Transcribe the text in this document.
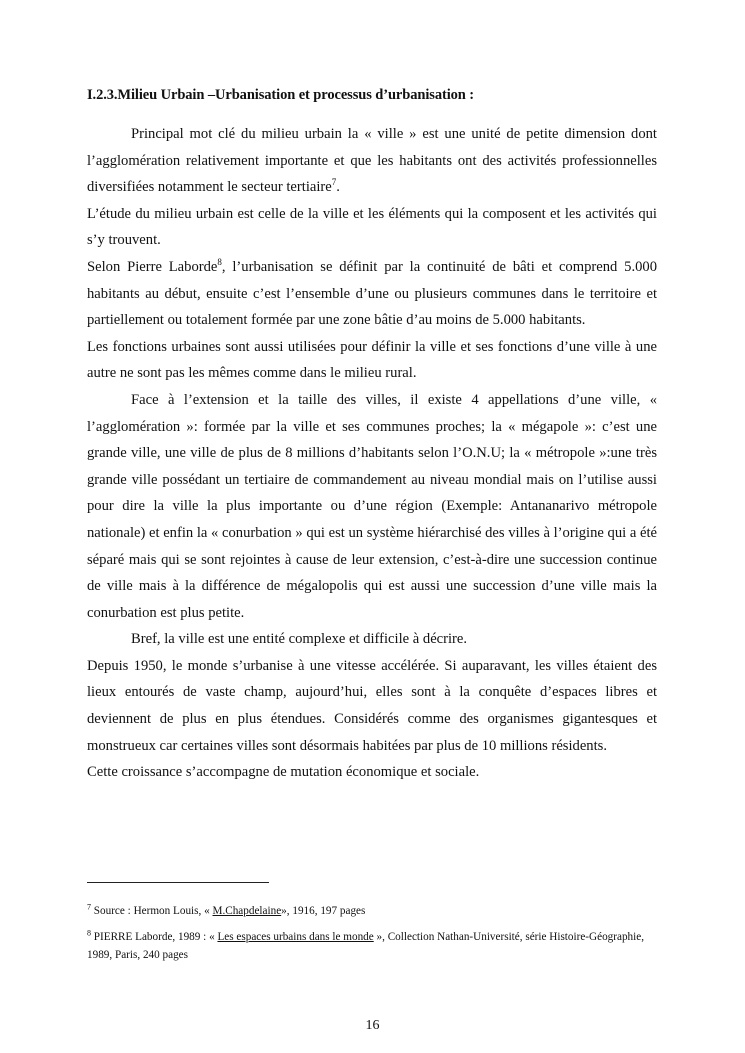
I.2.3.Milieu Urbain –Urbanisation et processus d’urbanisation :

Principal mot clé du milieu urbain la « ville » est une unité de petite dimension dont l’agglomération relativement importante et que les habitants ont des activités professionnelles diversifiées notamment le secteur tertiaire$^7$.

L’étude du milieu urbain est celle de la ville et les éléments qui la composent et les activités qui s’y trouvent.

Selon Pierre Laborde$^8$, l’urbanisation se définit par la continuité de bâti et comprend 5.000 habitants au début, ensuite c’est l’ensemble d’une ou plusieurs communes dans le territoire et partiellement ou totalement formée par une zone bâtie d’au moins de 5.000 habitants.

Les fonctions urbaines sont aussi utilisées pour définir la ville et ses fonctions d’une ville à une autre ne sont pas les mêmes comme dans le milieu rural.

Face à l’extension et la taille des villes, il existe 4 appellations d’une ville, « l’agglomération »: formée par la ville et ses communes proches; la « mégapole »: c’est une grande ville, une ville de plus de 8 millions d’habitants selon l’O.N.U; la « métropole »:une très grande ville possédant un tertiaire de commandement au niveau mondial mais on l’utilise aussi pour dire la ville la plus importante ou d’une région (Exemple: Antananarivo métropole nationale) et enfin la « conurbation » qui est un système hiérarchisé des villes à l’origine qui a été séparé mais qui se sont rejointes à cause de leur extension, c’est-à-dire une succession continue de ville mais à la différence de mégalopolis qui est aussi une succession d’une ville mais la conurbation est plus petite.

Bref, la ville est une entité complexe et difficile à décrire.

Depuis 1950, le monde s’urbanise à une vitesse accélérée. Si auparavant, les villes étaient des lieux entourés de vaste champ, aujourd’hui, elles sont à la conquête d’espaces libres et deviennent de plus en plus étendues. Considérés comme des organismes gigantesques et monstrueux car certaines villes sont désormais habitées par plus de 10 millions résidents.

Cette croissance s’accompagne de mutation économique et sociale.

$^7$ Source : Hermon Louis, « M.Chapdelaine», 1916, 197 pages

$^8$ PIERRE Laborde, 1989 : « Les espaces urbains dans le monde », Collection Nathan-Université, série Histoire-Géographie, 1989, Paris, 240 pages

16
